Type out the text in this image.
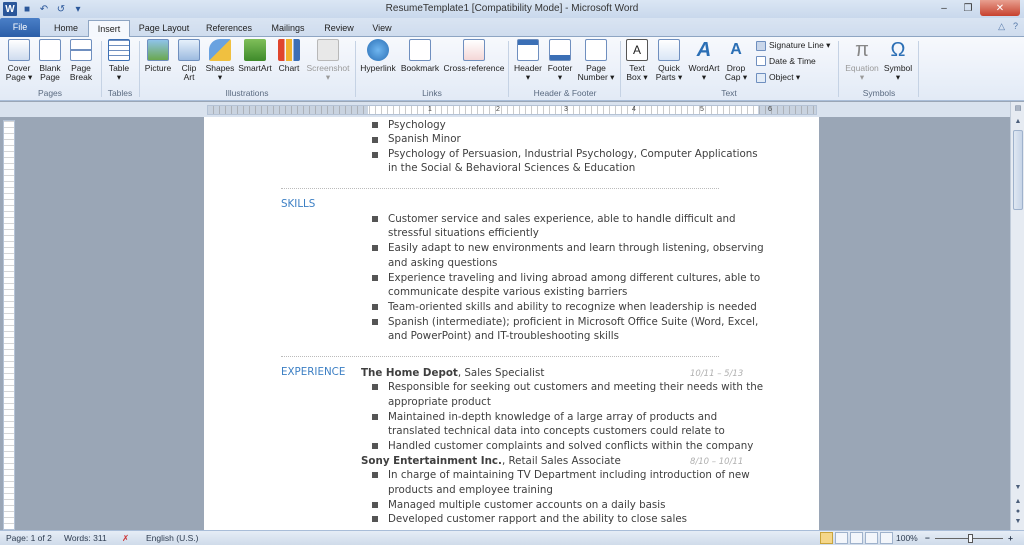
W ■ ↶ ↺	▾	ResumeTemplate1 [Compatibility Mode] - Microsoft Word	–	❐	✕
File	Home	Insert	Page Layout	References	Mailings	Review	View	△ ?
Cover
Page ▾
Blank
Page
Page
Break
Pages
Table
▾
Tables
Picture	Clip
Art
Shapes
▾
SmartArt Chart Screenshot
▾
Illustrations
Hyperlink Bookmark Cross-reference
Links
Header
▾
Footer
▾
Page
Number ▾
Header & Footer
A
Text
Box ▾
Quick
Parts ▾
A
WordArt
▾
A
Drop
Cap ▾
Signature Line ▾
Date & Time
Object ▾
Text
π
Equation
▾
Ω
Symbol
▾
Symbols
1	2	3	4	5	6
Psychology
Spanish Minor
Psychology of Persuasion, Industrial Psychology, Computer Applications
in the Social & Behavioral Sciences & Education
SKILLS
Customer service and sales experience, able to handle difficult and
stressful situations efficiently
Easily adapt to new environments and learn through listening, observing
and asking questions
Experience traveling and living abroad among different cultures, able to
communicate despite various existing barriers
Team-oriented skills and ability to recognize when leadership is needed
Spanish (intermediate); proficient in Microsoft Office Suite (Word, Excel,
and PowerPoint) and IT-troubleshooting skills
EXPERIENCE The Home Depot, Sales Specialist	10/11 – 5/13
Responsible for seeking out customers and meeting their needs with the
appropriate product
Maintained in-depth knowledge of a large array of products and
translated technical data into concepts customers could relate to
Handled customer complaints and solved conflicts within the company
Sony Entertainment Inc., Retail Sales Associate	8/10 – 10/11
In charge of maintaining TV Department including introduction of new
products and employee training
Managed multiple customer accounts on a daily basis
Developed customer rapport and the ability to close sales
▤
▲
▼
▲
●
▼
Page: 1 of 2 Words: 311 ✗ English (U.S.)	100% −	+
